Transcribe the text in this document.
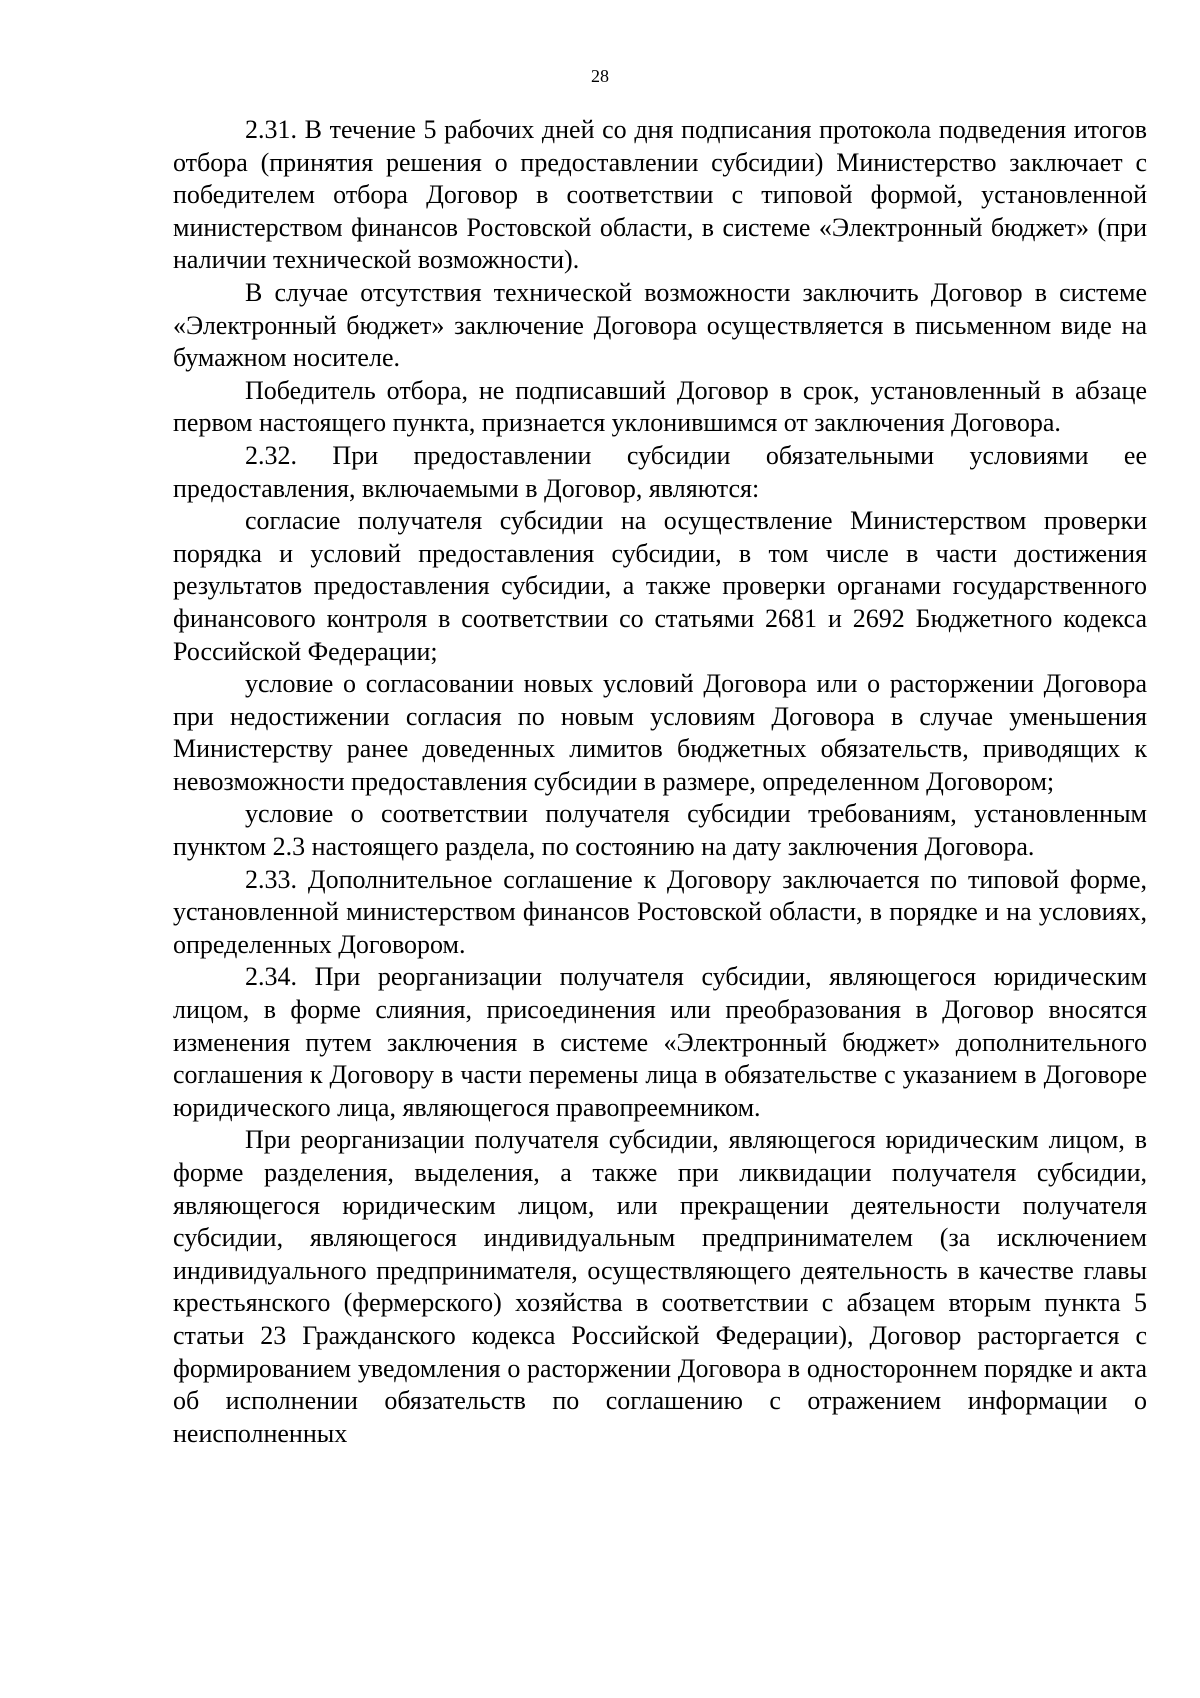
28

2.31. В течение 5 рабочих дней со дня подписания протокола подведения итогов отбора (принятия решения о предоставлении субсидии) Министерство заключает с победителем отбора Договор в соответствии с типовой формой, установленной министерством финансов Ростовской области, в системе «Электронный бюджет» (при наличии технической возможности).

В случае отсутствия технической возможности заключить Договор в системе «Электронный бюджет» заключение Договора осуществляется в письменном виде на бумажном носителе.

Победитель отбора, не подписавший Договор в срок, установленный в абзаце первом настоящего пункта, признается уклонившимся от заключения Договора.

2.32. При предоставлении субсидии обязательными условиями ее предоставления, включаемыми в Договор, являются:

согласие получателя субсидии на осуществление Министерством проверки порядка и условий предоставления субсидии, в том числе в части достижения результатов предоставления субсидии, а также проверки органами государственного финансового контроля в соответствии со статьями 2681 и 2692 Бюджетного кодекса Российской Федерации;

условие о согласовании новых условий Договора или о расторжении Договора при недостижении согласия по новым условиям Договора в случае уменьшения Министерству ранее доведенных лимитов бюджетных обязательств, приводящих к невозможности предоставления субсидии в размере, определенном Договором;

условие о соответствии получателя субсидии требованиям, установленным пунктом 2.3 настоящего раздела, по состоянию на дату заключения Договора.

2.33. Дополнительное соглашение к Договору заключается по типовой форме, установленной министерством финансов Ростовской области, в порядке и на условиях, определенных Договором.

2.34. При реорганизации получателя субсидии, являющегося юридическим лицом, в форме слияния, присоединения или преобразования в Договор вносятся изменения путем заключения в системе «Электронный бюджет» дополнительного соглашения к Договору в части перемены лица в обязательстве с указанием в Договоре юридического лица, являющегося правопреемником.

При реорганизации получателя субсидии, являющегося юридическим лицом, в форме разделения, выделения, а также при ликвидации получателя субсидии, являющегося юридическим лицом, или прекращении деятельности получателя субсидии, являющегося индивидуальным предпринимателем (за исключением индивидуального предпринимателя, осуществляющего деятельность в качестве главы крестьянского (фермерского) хозяйства в соответствии с абзацем вторым пункта 5 статьи 23 Гражданского кодекса Российской Федерации), Договор расторгается с формированием уведомления о расторжении Договора в одностороннем порядке и акта об исполнении обязательств по соглашению с отражением информации о неисполненных
